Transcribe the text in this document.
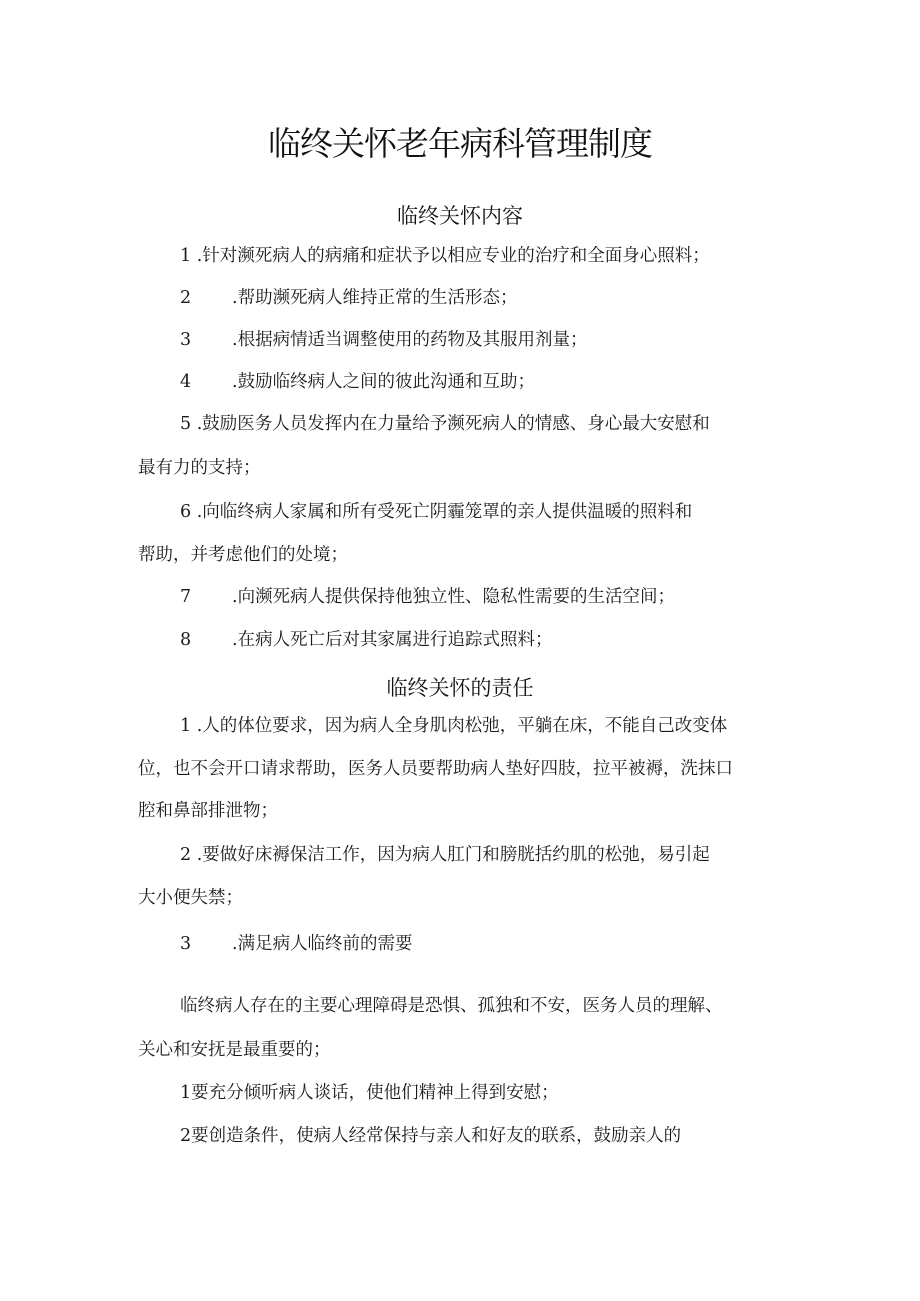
临终关怀老年病科管理制度
临终关怀内容
1 .针对濒死病人的病痛和症状予以相应专业的治疗和全面身心照料；
2 .帮助濒死病人维持正常的生活形态；
3 .根据病情适当调整使用的药物及其服用剂量；
4 .鼓励临终病人之间的彼此沟通和互助；
5 .鼓励医务人员发挥内在力量给予濒死病人的情感、身心最大安慰和
最有力的支持；
6 .向临终病人家属和所有受死亡阴霾笼罩的亲人提供温暖的照料和
帮助，并考虑他们的处境；
7 .向濒死病人提供保持他独立性、隐私性需要的生活空间；
8 .在病人死亡后对其家属进行追踪式照料；
临终关怀的责任
1 .人的体位要求，因为病人全身肌肉松弛，平躺在床，不能自己改变体
位，也不会开口请求帮助，医务人员要帮助病人垫好四肢，拉平被褥，洗抹口
腔和鼻部排泄物；
2 .要做好床褥保洁工作，因为病人肛门和膀胱括约肌的松弛，易引起
大小便失禁；
3 .满足病人临终前的需要
临终病人存在的主要心理障碍是恐惧、孤独和不安，医务人员的理解、
关心和安抚是最重要的；
1要充分倾听病人谈话，使他们精神上得到安慰；
2要创造条件，使病人经常保持与亲人和好友的联系，鼓励亲人的
